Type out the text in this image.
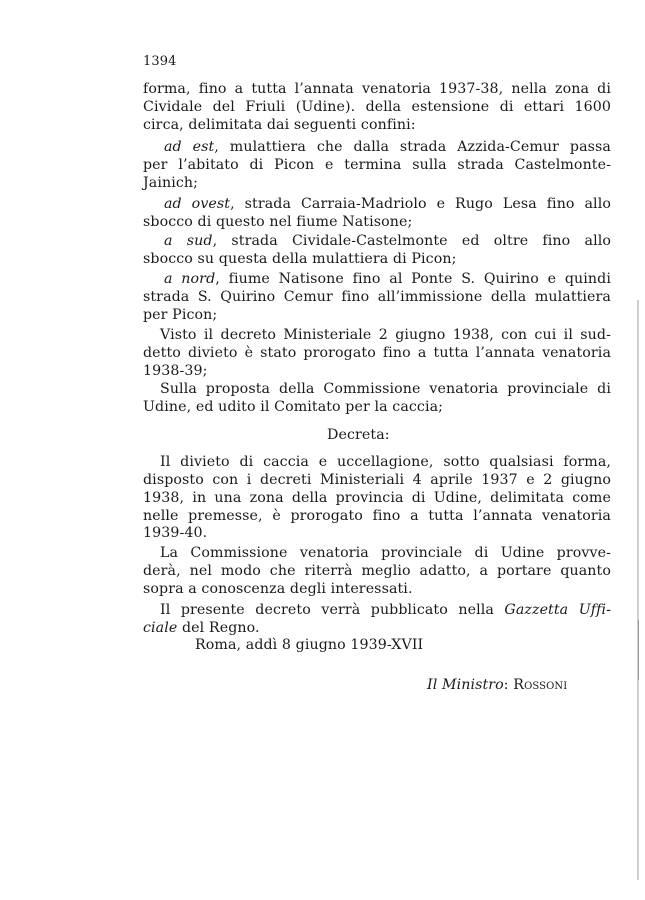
1394
forma, fino a tutta l’annata venatoria 1937-38, nella zona di
Cividale del Friuli (Udine). della estensione di ettari 1600
circa, delimitata dai seguenti confini:
ad est, mulattiera che dalla strada Azzida-Cemur passa
per l’abitato di Picon e termina sulla strada Castelmonte-
Jainich;
ad ovest, strada Carraia-Madriolo e Rugo Lesa fino allo
sbocco di questo nel fiume Natisone;
a sud, strada Cividale-Castelmonte ed oltre fino allo
sbocco su questa della mulattiera di Picon;
a nord, fiume Natisone fino al Ponte S. Quirino e quindi
strada S. Quirino Cemur fino all’immissione della mulattiera
per Picon;
Visto il decreto Ministeriale 2 giugno 1938, con cui il sud-
detto divieto è stato prorogato fino a tutta l’annata venatoria
1938-39;
Sulla proposta della Commissione venatoria provinciale di
Udine, ed udito il Comitato per la caccia;
Decreta:
Il divieto di caccia e uccellagione, sotto qualsiasi forma,
disposto con i decreti Ministeriali 4 aprile 1937 e 2 giugno
1938, in una zona della provincia di Udine, delimitata come
nelle premesse, è prorogato fino a tutta l’annata venatoria
1939-40.
La Commissione venatoria provinciale di Udine provve-
derà, nel modo che riterrà meglio adatto, a portare quanto
sopra a conoscenza degli interessati.
Il presente decreto verrà pubblicato nella Gazzetta Uffi-
ciale del Regno.
Roma, addì 8 giugno 1939-XVII
Il Ministro: Rossoni
